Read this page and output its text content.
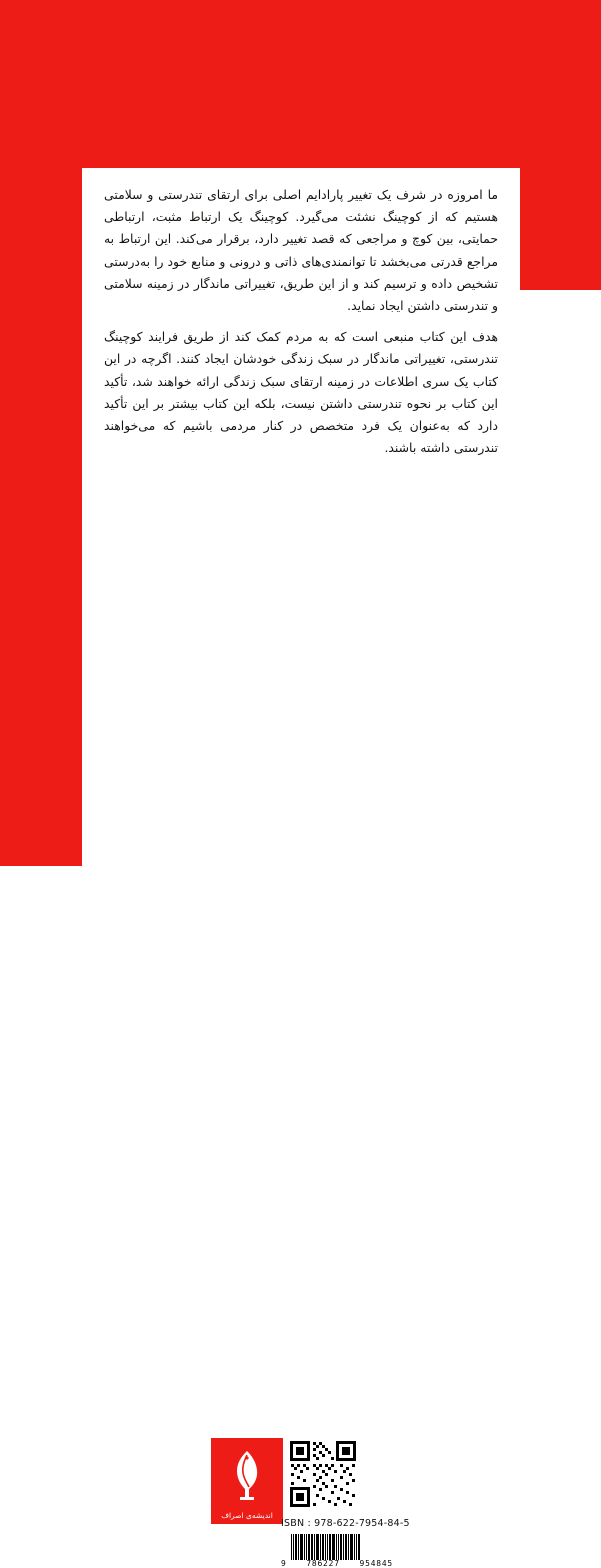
ما امروزه در شرف یک تغییر پارادایم اصلی برای ارتقای تندرستی و سلامتی هستیم که از کوچینگ نشئت می‌گیرد. کوچینگ یک ارتباط مثبت، ارتباطی حمایتی، بین کوچ و مراجعی که قصد تغییر دارد، برقرار می‌کند. این ارتباط به مراجع قدرتی می‌بخشد تا توانمندی‌های ذاتی و درونی و منابع خود را به‌درستی تشخیص داده و ترسیم کند و از این طریق، تغییراتی ماندگار در زمینه سلامتی و تندرستی داشتن ایجاد نماید.

هدف این کتاب منبعی است که به مردم کمک کند از طریق فرایند کوچینگ تندرستی، تغییراتی ماندگار در سبک زندگی خودشان ایجاد کنند. اگرچه در این کتاب یک سری اطلاعات در زمینه ارتقای سبک زندگی ارائه خواهند شد، تأکید این کتاب بر نحوه تندرستی داشتن نیست، بلکه این کتاب بیشتر بر این تأکید دارد که به‌عنوان یک فرد متخصص در کنار مردمی باشیم که می‌خواهند تندرستی داشته باشند.

اندیشه‌ی اصراف
ISBN : 978-622-7954-84-5
9	786227	954845
